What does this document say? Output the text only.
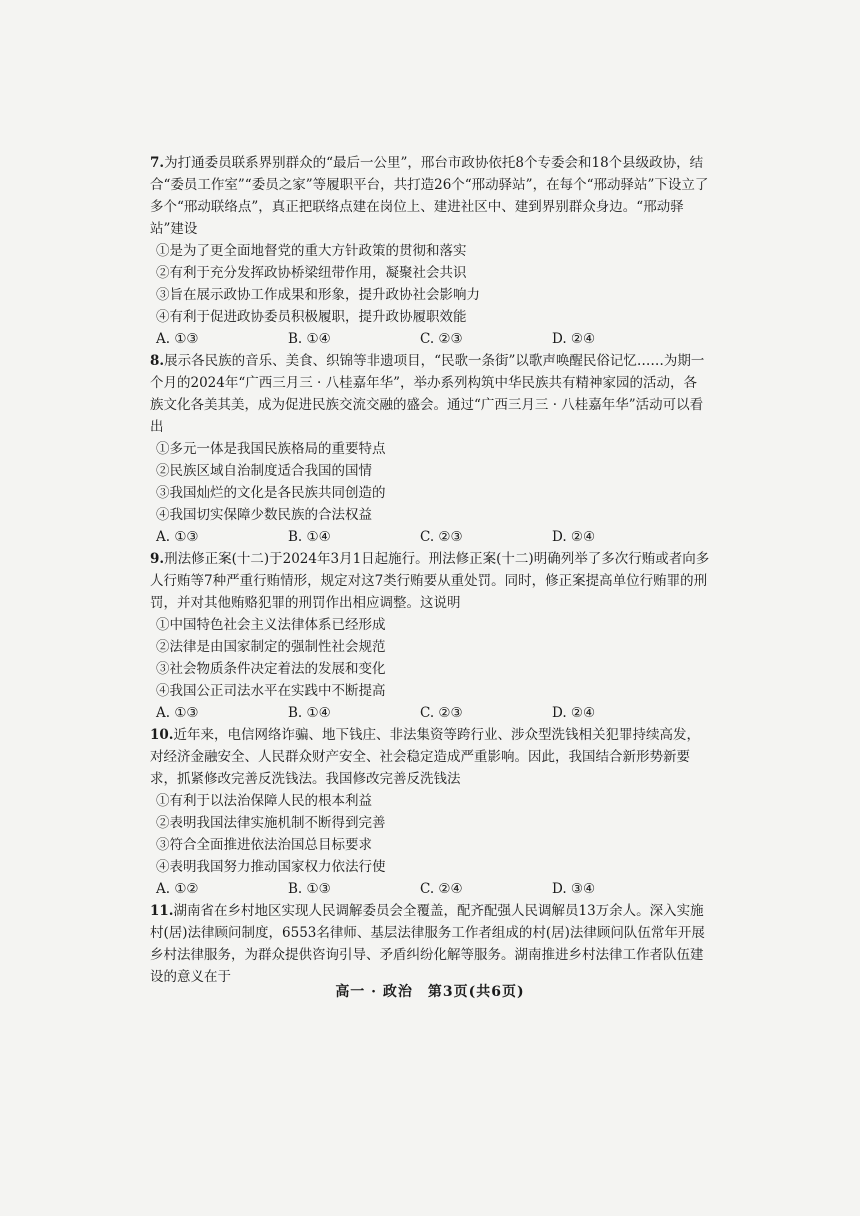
7.为打通委员联系界别群众的“最后一公里”，邢台市政协依托8个专委会和18个县级政协，结合“委员工作室”“委员之家”等履职平台，共打造26个“邢动驿站”，在每个“邢动驿站”下设立了多个“邢动联络点”，真正把联络点建在岗位上、建进社区中、建到界别群众身边。“邢动驿站”建设

①是为了更全面地督党的重大方针政策的贯彻和落实

②有利于充分发挥政协桥梁纽带作用，凝聚社会共识

③旨在展示政协工作成果和形象，提升政协社会影响力

④有利于促进政协委员积极履职，提升政协履职效能

A. ①③	B. ①④	C. ②③	D. ②④

8.展示各民族的音乐、美食、织锦等非遗项目，“民歌一条街”以歌声唤醒民俗记忆……为期一个月的2024年“广西三月三 · 八桂嘉年华”，举办系列构筑中华民族共有精神家园的活动，各族文化各美其美，成为促进民族交流交融的盛会。通过“广西三月三 · 八桂嘉年华”活动可以看出

①多元一体是我国民族格局的重要特点

②民族区域自治制度适合我国的国情

③我国灿烂的文化是各民族共同创造的

④我国切实保障少数民族的合法权益

A. ①③	B. ①④	C. ②③	D. ②④

9.刑法修正案(十二)于2024年3月1日起施行。刑法修正案(十二)明确列举了多次行贿或者向多人行贿等7种严重行贿情形，规定对这7类行贿要从重处罚。同时，修正案提高单位行贿罪的刑罚，并对其他贿赂犯罪的刑罚作出相应调整。这说明

①中国特色社会主义法律体系已经形成

②法律是由国家制定的强制性社会规范

③社会物质条件决定着法的发展和变化

④我国公正司法水平在实践中不断提高

A. ①③	B. ①④	C. ②③	D. ②④

10.近年来，电信网络诈骗、地下钱庄、非法集资等跨行业、涉众型洗钱相关犯罪持续高发，对经济金融安全、人民群众财产安全、社会稳定造成严重影响。因此，我国结合新形势新要求，抓紧修改完善反洗钱法。我国修改完善反洗钱法

①有利于以法治保障人民的根本利益

②表明我国法律实施机制不断得到完善

③符合全面推进依法治国总目标要求

④表明我国努力推动国家权力依法行使

A. ①②	B. ①③	C. ②④	D. ③④

11.湖南省在乡村地区实现人民调解委员会全覆盖，配齐配强人民调解员13万余人。深入实施村(居)法律顾问制度，6553名律师、基层法律服务工作者组成的村(居)法律顾问队伍常年开展乡村法律服务，为群众提供咨询引导、矛盾纠纷化解等服务。湖南推进乡村法律工作者队伍建设的意义在于

高一 · 政治　第3页(共6页)
